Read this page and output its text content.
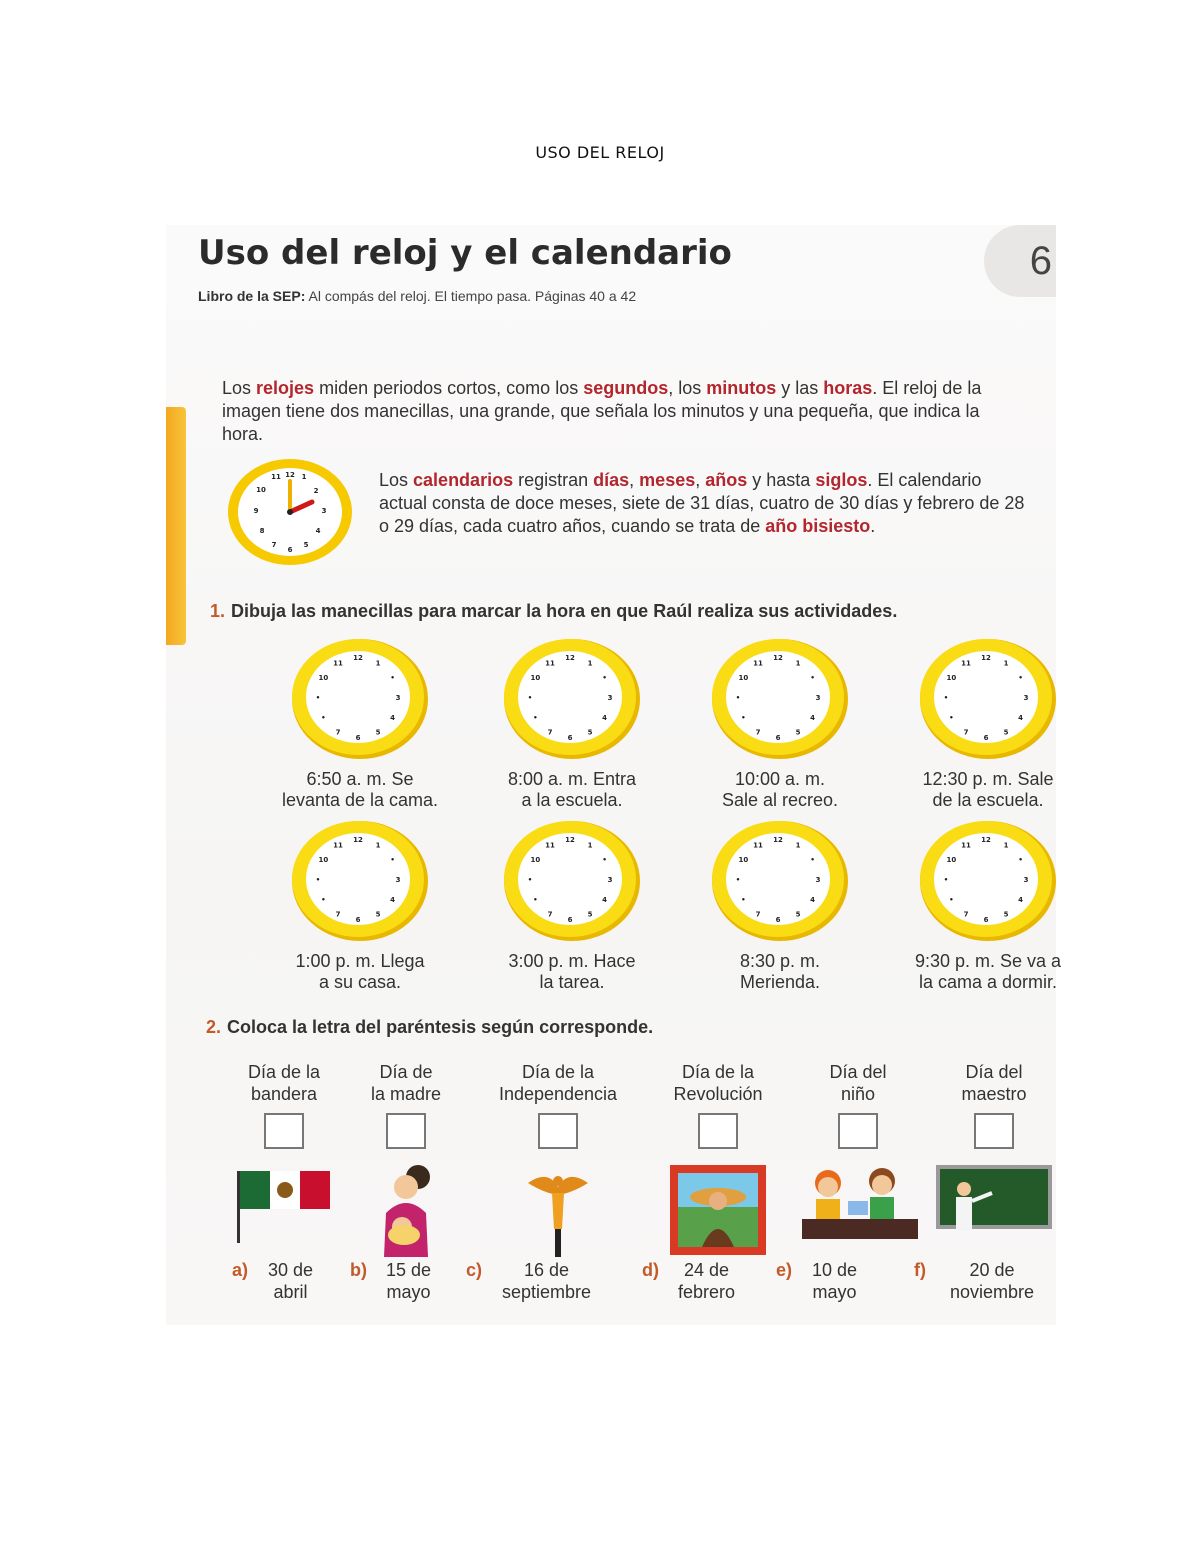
USO DEL RELOJ
Uso del reloj y el calendario	6
Libro de la SEP: Al compás del reloj. El tiempo pasa. Páginas 40 a 42
Los relojes miden periodos cortos, como los segundos, los minutos y las horas. El reloj de la imagen tiene dos manecillas, una grande, que señala los minutos y una pequeña, que indica la hora.
12
11
10	2
3
4
5
6
7
8
9
1	Los calendarios registran días, meses, años y hasta siglos. El calendario actual consta de doce meses, siete de 31 días, cuatro de 30 días y febrero de 28 o 29 días, cada cuatro años, cuando se trata de año bisiesto.
1. Dibuja las manecillas para marcar la hora en que Raúl realiza sus actividades.
12
1
•
3
4
5
6
7
•
•
10
11
6:50 a. m. Se
levanta de la cama.
12
1
•
3
4
5
6
7
•
•
10
11
8:00 a. m. Entra
a la escuela.
12
1
•
3
4
5
6
7
•
•
10
11
10:00 a. m.
Sale al recreo.
12
1
•
3
4
5
6
7
•
•
10
11
12:30 p. m. Sale
de la escuela.
12
1
•
3
4
5
6
7
•
•
10
11
1:00 p. m. Llega
a su casa.
12
1
•
3
4
5
6
7
•
•
10
11
3:00 p. m. Hace
la tarea.
12
1
•
3
4
5
6
7
•
•
10
11
8:30 p. m.
Merienda.
12
1
•
3
4
5
6
7
•
•
10
11
9:30 p. m. Se va a
la cama a dormir.
2. Coloca la letra del paréntesis según corresponde.
Día de la
bandera
Día de
la madre
Día de la
Independencia
Día de la
Revolución
Día del
niño
Día del
maestro
a) 30 de
abril
b) 15 de
mayo
c)	16 de
septiembre
d)	24 de
febrero
e) 10 de
mayo
f)	20 de
noviembre
